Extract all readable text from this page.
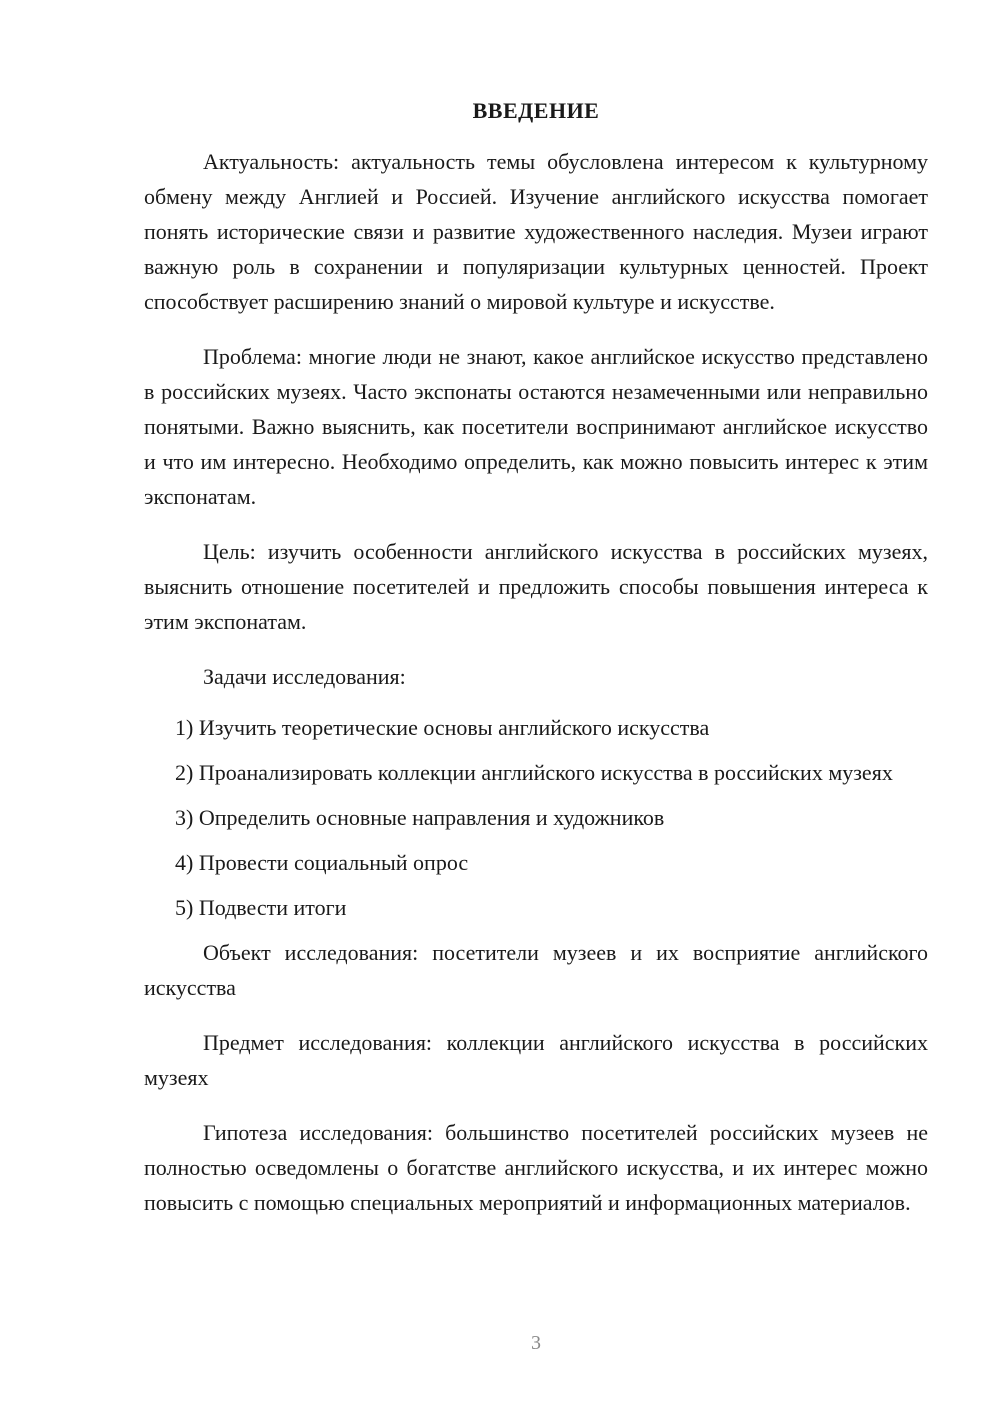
ВВЕДЕНИЕ

Актуальность: актуальность темы обусловлена интересом к культурному обмену между Англией и Россией. Изучение английского искусства помогает понять исторические связи и развитие художественного наследия. Музеи играют важную роль в сохранении и популяризации культурных ценностей. Проект способствует расширению знаний о мировой культуре и искусстве.

Проблема: многие люди не знают, какое английское искусство представлено в российских музеях. Часто экспонаты остаются незамеченными или неправильно понятыми. Важно выяснить, как посетители воспринимают английское искусство и что им интересно. Необходимо определить, как можно повысить интерес к этим экспонатам.

Цель: изучить особенности английского искусства в российских музеях, выяснить отношение посетителей и предложить способы повышения интереса к этим экспонатам.

Задачи исследования:

1) Изучить теоретические основы английского искусства

2) Проанализировать коллекции английского искусства в российских музеях

3) Определить основные направления и художников

4) Провести социальный опрос

5) Подвести итоги

Объект исследования: посетители музеев и их восприятие английского искусства

Предмет исследования: коллекции английского искусства в российских музеях

Гипотеза исследования: большинство посетителей российских музеев не полностью осведомлены о богатстве английского искусства, и их интерес можно повысить с помощью специальных мероприятий и информационных материалов.

3
